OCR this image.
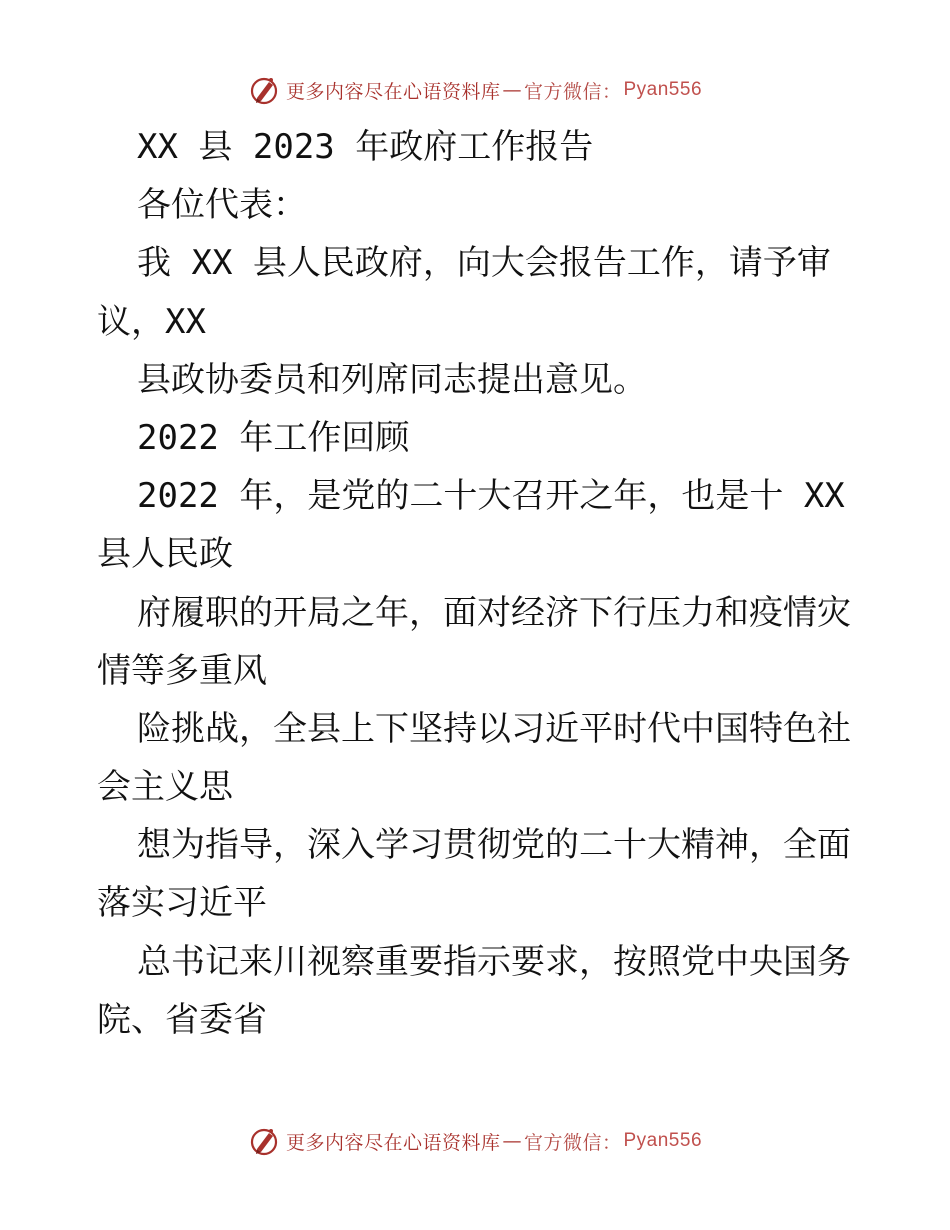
更多内容尽在心语资料库 — 官方微信： Pyan556
XX 县 2023 年政府工作报告
各位代表：
我 XX 县人民政府，向大会报告工作，请予审
议，XX
县政协委员和列席同志提出意见。
2022 年工作回顾
2022 年，是党的二十大召开之年，也是十 XX
县人民政
府履职的开局之年，面对经济下行压力和疫情灾
情等多重风
险挑战，全县上下坚持以习近平时代中国特色社
会主义思
想为指导，深入学习贯彻党的二十大精神，全面
落实习近平
总书记来川视察重要指示要求，按照党中央国务
院、省委省
更多内容尽在心语资料库 — 官方微信： Pyan556
